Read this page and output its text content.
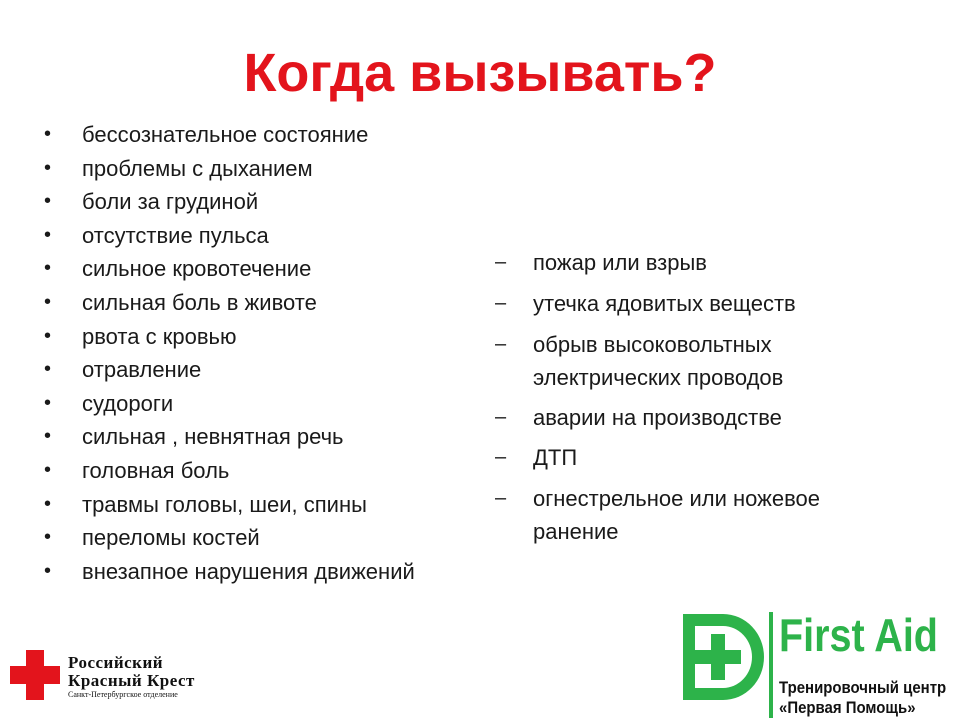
Когда вызывать?
• бессознательное состояние
• проблемы с дыханием
• боли за грудиной
• отсутствие пульса
• сильное кровотечение
• сильная боль в животе
• рвота с кровью
• отравление
• судороги
• сильная , невнятная речь
• головная боль
• травмы головы, шеи, спины
• переломы костей
• внезапное нарушения движений
– пожар или взрыв
– утечка ядовитых веществ
– обрыв высоковольтных электрических проводов
– аварии на производстве
– ДТП
– огнестрельное или ножевое ранение
Российский
Красный Крест
Санкт-Петербургское отделение
First Aid
Тренировочный центр
«Первая Помощь»
